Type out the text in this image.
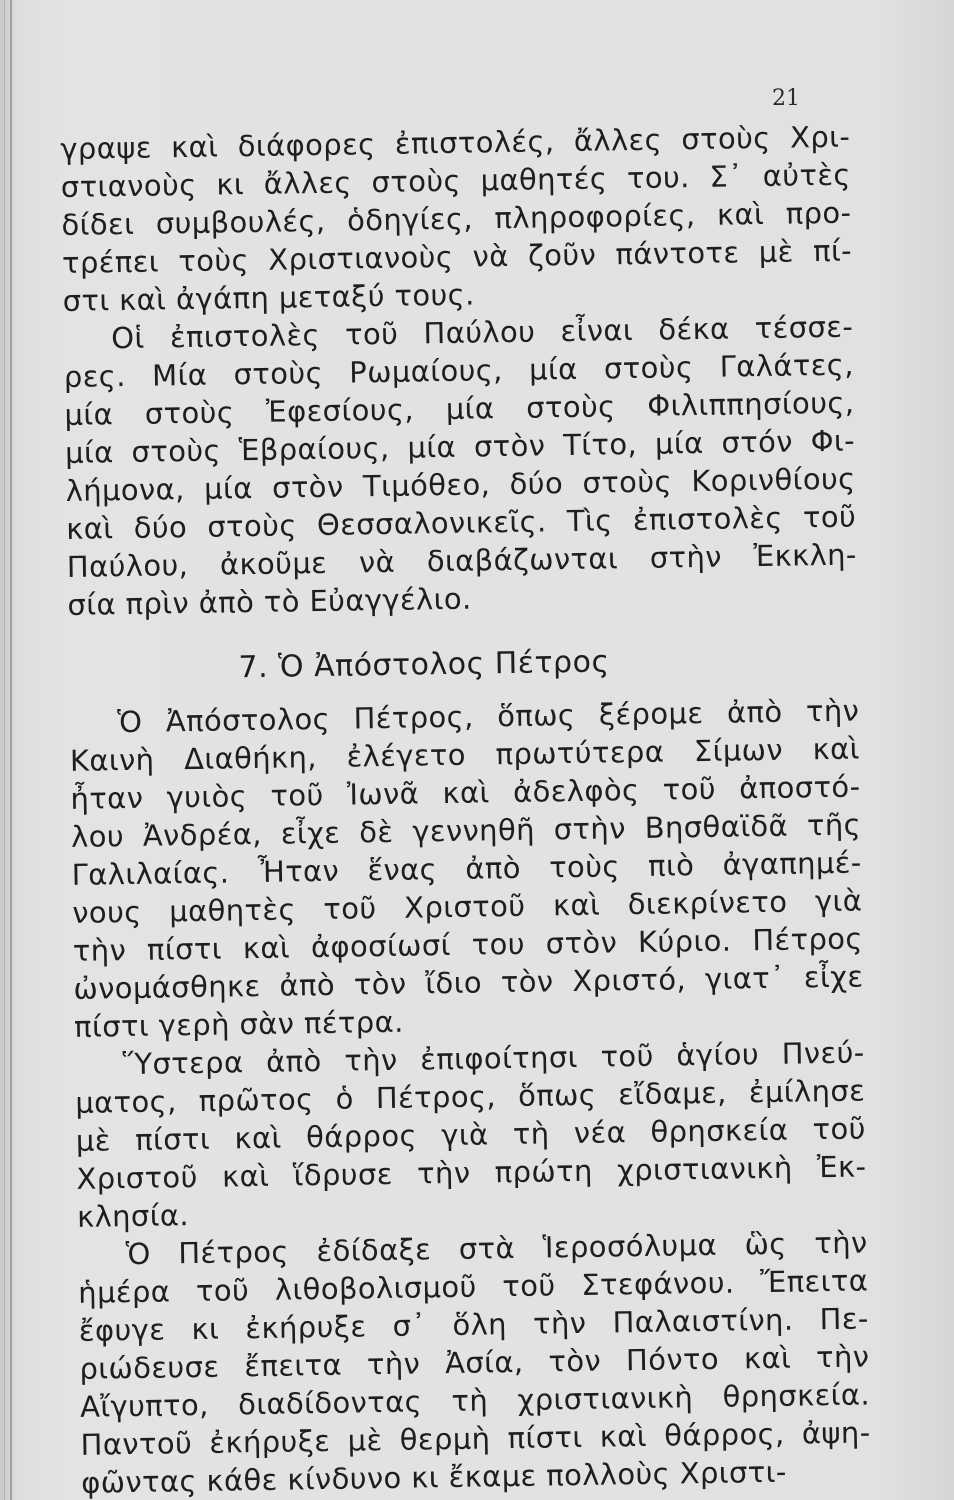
21

γραψε καὶ διάφορες ἐπιστολές, ἄλλες στοὺς Χρι-
στιανοὺς κι ἄλλες στοὺς μαθητές του. Σ᾽ αὐτὲς
δίδει συμβουλές, ὁδηγίες, πληροφορίες, καὶ προ-
τρέπει τοὺς Χριστιανοὺς νὰ ζοῦν πάντοτε μὲ πί-
στι καὶ ἀγάπη μεταξύ τους.
Οἱ ἐπιστολὲς τοῦ Παύλου εἶναι δέκα τέσσε-
ρες. Μία στοὺς Ρωμαίους, μία στοὺς Γαλάτες,
μία στοὺς Ἐφεσίους, μία στοὺς Φιλιππησίους,
μία στοὺς Ἑβραίους, μία στὸν Τίτο, μία στόν Φι-
λήμονα, μία στὸν Τιμόθεο, δύο στοὺς Κορινθίους
καὶ δύο στοὺς Θεσσαλονικεῖς. Τὶς ἐπιστολὲς τοῦ
Παύλου, ἀκοῦμε νὰ διαβάζωνται στὴν Ἐκκλη-
σία πρὶν ἀπὸ τὸ Εὐαγγέλιο.
7. Ὁ Ἀπόστολος Πέτρος
Ὁ Ἀπόστολος Πέτρος, ὅπως ξέρομε ἀπὸ τὴν
Καινὴ Διαθήκη, ἐλέγετο πρωτύτερα Σίμων καὶ
ἦταν γυιὸς τοῦ Ἰωνᾶ καὶ ἀδελφὸς τοῦ ἀποστό-
λου Ἀνδρέα, εἶχε δὲ γεννηθῆ στὴν Βησθαϊδᾶ τῆς
Γαλιλαίας. Ἦταν ἕνας ἀπὸ τοὺς πιὸ ἀγαπημέ-
νους μαθητὲς τοῦ Χριστοῦ καὶ διεκρίνετο γιὰ
τὴν πίστι καὶ ἀφοσίωσί του στὸν Κύριο. Πέτρος
ὠνομάσθηκε ἀπὸ τὸν ἴδιο τὸν Χριστό, γιατ᾽ εἶχε
πίστι γερὴ σὰν πέτρα.
Ὕστερα ἀπὸ τὴν ἐπιφοίτησι τοῦ ἁγίου Πνεύ-
ματος, πρῶτος ὁ Πέτρος, ὅπως εἴδαμε, ἐμίλησε
μὲ πίστι καὶ θάρρος γιὰ τὴ νέα θρησκεία τοῦ
Χριστοῦ καὶ ἵδρυσε τὴν πρώτη χριστιανικὴ Ἐκ-
κλησία.
Ὁ Πέτρος ἐδίδαξε στὰ Ἱεροσόλυμα ὣς τὴν
ἡμέρα τοῦ λιθοβολισμοῦ τοῦ Στεφάνου. Ἔπειτα
ἔφυγε κι ἐκήρυξε σ᾽ ὅλη τὴν Παλαιστίνη. Πε-
ριώδευσε ἔπειτα τὴν Ἀσία, τὸν Πόντο καὶ τὴν
Αἴγυπτο, διαδίδοντας τὴ χριστιανικὴ θρησκεία.
Παντοῦ ἐκήρυξε μὲ θερμὴ πίστι καὶ θάρρος, ἀψη-
φῶντας κάθε κίνδυνο κι ἔκαμε πολλοὺς Χριστι-
